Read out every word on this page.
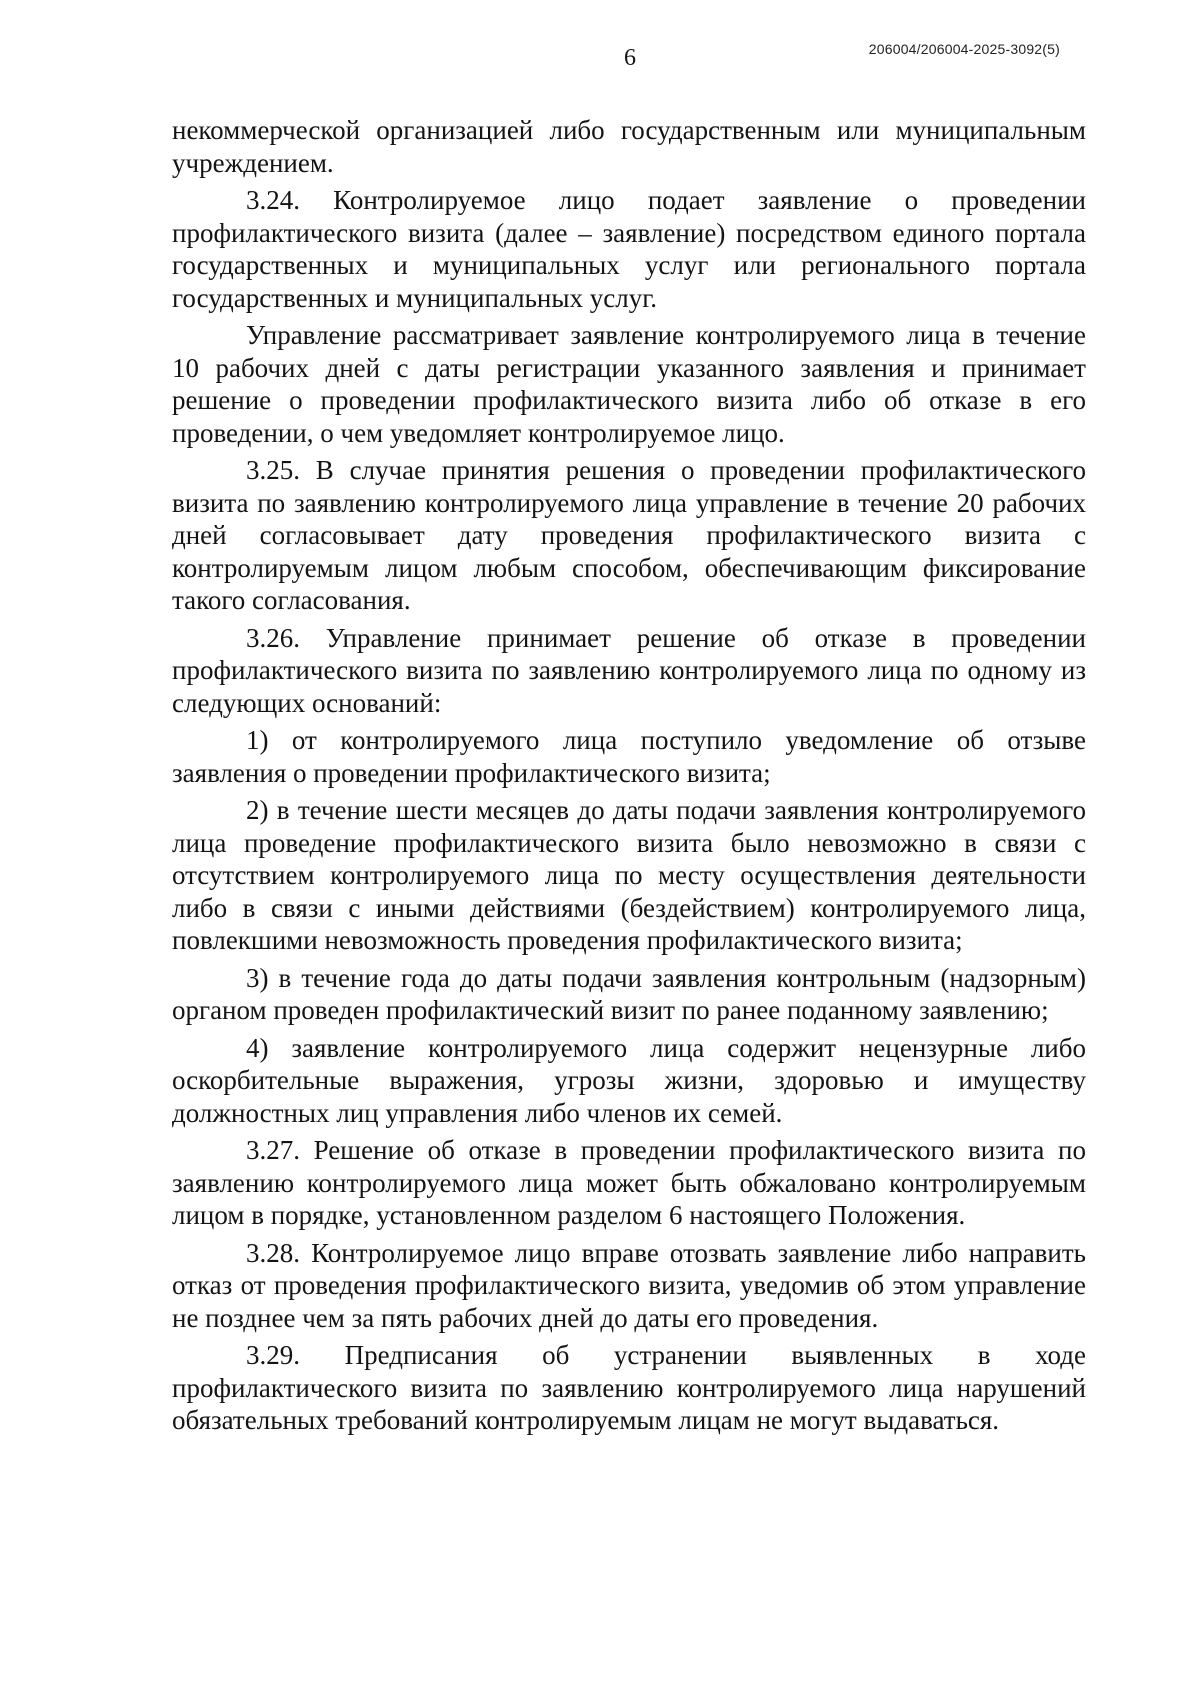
6	206004/206004-2025-3092(5)

некоммерческой организацией либо государственным или муниципальным учреждением.

3.24. Контролируемое лицо подает заявление о проведении профилактического визита (далее – заявление) посредством единого портала государственных и муниципальных услуг или регионального портала государственных и муниципальных услуг.

Управление рассматривает заявление контролируемого лица в течение 10 рабочих дней с даты регистрации указанного заявления и принимает решение о проведении профилактического визита либо об отказе в его проведении, о чем уведомляет контролируемое лицо.

3.25. В случае принятия решения о проведении профилактического визита по заявлению контролируемого лица управление в течение 20 рабочих дней согласовывает дату проведения профилактического визита с контролируемым лицом любым способом, обеспечивающим фиксирование такого согласования.

3.26. Управление принимает решение об отказе в проведении профилактического визита по заявлению контролируемого лица по одному из следующих оснований:

1) от контролируемого лица поступило уведомление об отзыве заявления о проведении профилактического визита;

2) в течение шести месяцев до даты подачи заявления контролируемого лица проведение профилактического визита было невозможно в связи с отсутствием контролируемого лица по месту осуществления деятельности либо в связи с иными действиями (бездействием) контролируемого лица, повлекшими невозможность проведения профилактического визита;

3) в течение года до даты подачи заявления контрольным (надзорным) органом проведен профилактический визит по ранее поданному заявлению;

4) заявление контролируемого лица содержит нецензурные либо оскорбительные выражения, угрозы жизни, здоровью и имуществу должностных лиц управления либо членов их семей.

3.27. Решение об отказе в проведении профилактического визита по заявлению контролируемого лица может быть обжаловано контролируемым лицом в порядке, установленном разделом 6 настоящего Положения.

3.28. Контролируемое лицо вправе отозвать заявление либо направить отказ от проведения профилактического визита, уведомив об этом управление не позднее чем за пять рабочих дней до даты его проведения.

3.29. Предписания об устранении выявленных в ходе профилактического визита по заявлению контролируемого лица нарушений обязательных требований контролируемым лицам не могут выдаваться.
